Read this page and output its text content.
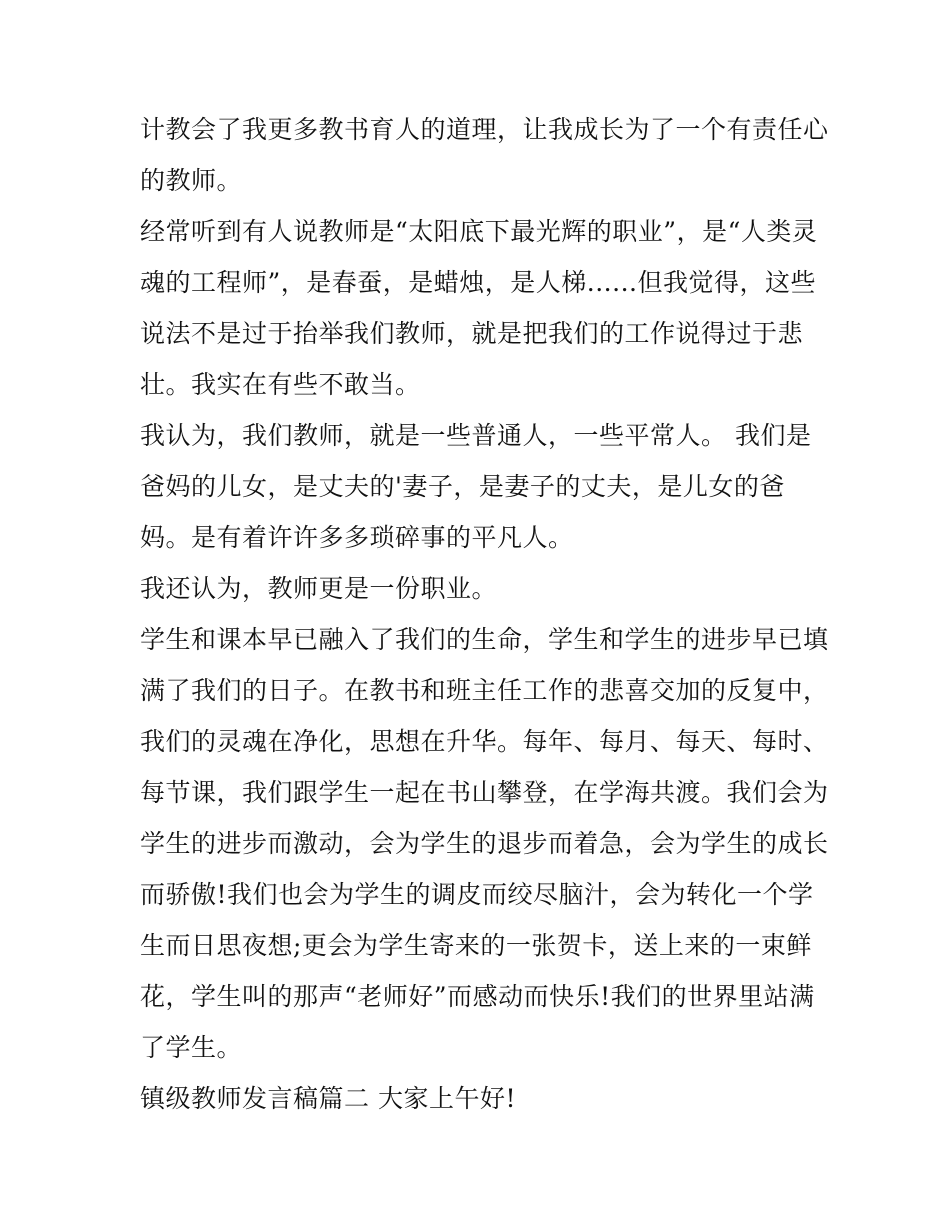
计教会了我更多教书育人的道理，让我成长为了一个有责任心
的教师。
经常听到有人说教师是“太阳底下最光辉的职业”，是“人类灵
魂的工程师”，是春蚕，是蜡烛，是人梯......但我觉得，这些
说法不是过于抬举我们教师，就是把我们的工作说得过于悲
壮。我实在有些不敢当。
我认为，我们教师，就是一些普通人，一些平常人。 我们是
爸妈的儿女，是丈夫的'妻子，是妻子的丈夫，是儿女的爸
妈。是有着许许多多琐碎事的平凡人。
我还认为，教师更是一份职业。
学生和课本早已融入了我们的生命，学生和学生的进步早已填
满了我们的日子。在教书和班主任工作的悲喜交加的反复中，
我们的灵魂在净化，思想在升华。每年、每月、每天、每时、
每节课，我们跟学生一起在书山攀登，在学海共渡。我们会为
学生的进步而激动，会为学生的退步而着急，会为学生的成长
而骄傲!我们也会为学生的调皮而绞尽脑汁，会为转化一个学
生而日思夜想;更会为学生寄来的一张贺卡，送上来的一束鲜
花，学生叫的那声“老师好”而感动而快乐!我们的世界里站满
了学生。
镇级教师发言稿篇二 大家上午好!
